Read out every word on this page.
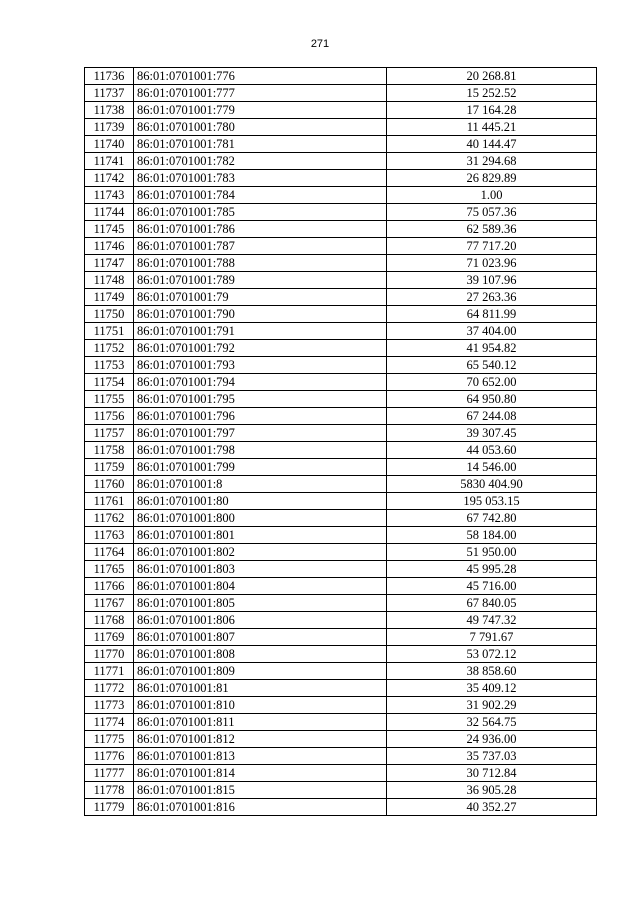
271
11736	86:01:0701001:776	20 268.81
11737	86:01:0701001:777	15 252.52
11738	86:01:0701001:779	17 164.28
11739	86:01:0701001:780	11 445.21
11740	86:01:0701001:781	40 144.47
11741	86:01:0701001:782	31 294.68
11742	86:01:0701001:783	26 829.89
11743	86:01:0701001:784	1.00
11744	86:01:0701001:785	75 057.36
11745	86:01:0701001:786	62 589.36
11746	86:01:0701001:787	77 717.20
11747	86:01:0701001:788	71 023.96
11748	86:01:0701001:789	39 107.96
11749	86:01:0701001:79	27 263.36
11750	86:01:0701001:790	64 811.99
11751	86:01:0701001:791	37 404.00
11752	86:01:0701001:792	41 954.82
11753	86:01:0701001:793	65 540.12
11754	86:01:0701001:794	70 652.00
11755	86:01:0701001:795	64 950.80
11756	86:01:0701001:796	67 244.08
11757	86:01:0701001:797	39 307.45
11758	86:01:0701001:798	44 053.60
11759	86:01:0701001:799	14 546.00
11760	86:01:0701001:8	5830 404.90
11761	86:01:0701001:80	195 053.15
11762	86:01:0701001:800	67 742.80
11763	86:01:0701001:801	58 184.00
11764	86:01:0701001:802	51 950.00
11765	86:01:0701001:803	45 995.28
11766	86:01:0701001:804	45 716.00
11767	86:01:0701001:805	67 840.05
11768	86:01:0701001:806	49 747.32
11769	86:01:0701001:807	7 791.67
11770	86:01:0701001:808	53 072.12
11771	86:01:0701001:809	38 858.60
11772	86:01:0701001:81	35 409.12
11773	86:01:0701001:810	31 902.29
11774	86:01:0701001:811	32 564.75
11775	86:01:0701001:812	24 936.00
11776	86:01:0701001:813	35 737.03
11777	86:01:0701001:814	30 712.84
11778	86:01:0701001:815	36 905.28
11779	86:01:0701001:816	40 352.27
